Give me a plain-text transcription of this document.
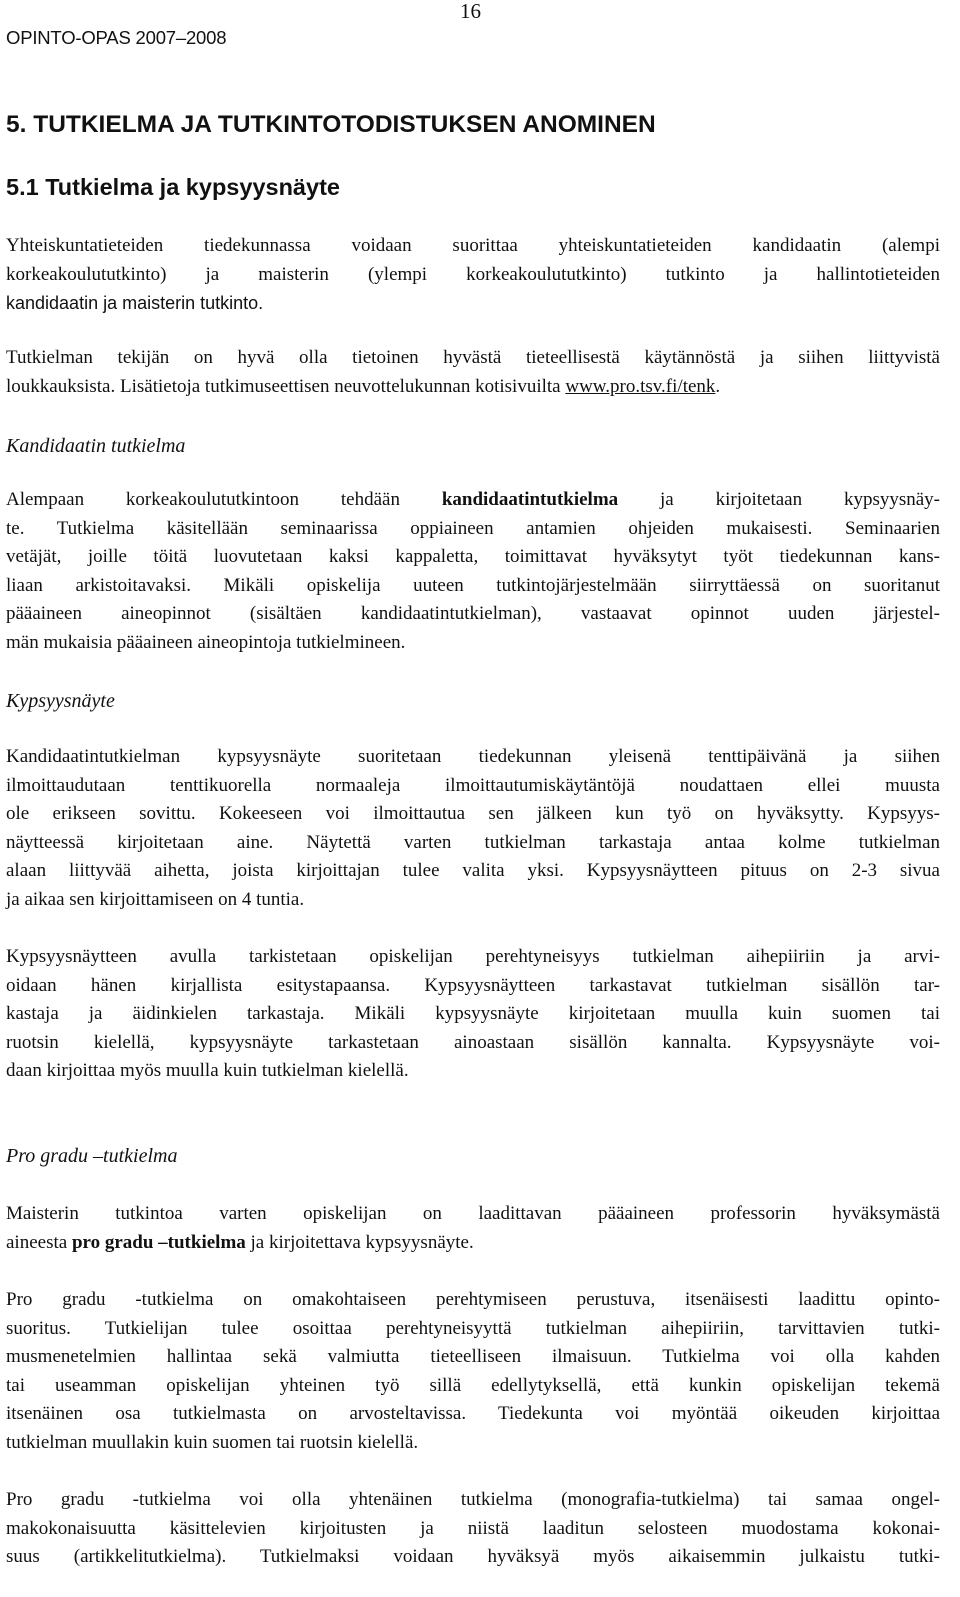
16
OPINTO-OPAS 2007–2008
5. TUTKIELMA JA TUTKINTOTODISTUKSEN ANOMINEN
5.1 Tutkielma ja kypsyysnäyte
Yhteiskuntatieteiden tiedekunnassa voidaan suorittaa yhteiskuntatieteiden kandidaatin (alempi
korkeakoulututkinto) ja maisterin (ylempi korkeakoulututkinto) tutkinto ja hallintotieteiden
kandidaatin ja maisterin tutkinto.
Tutkielman tekijän on hyvä olla tietoinen hyvästä tieteellisestä käytännöstä ja siihen liittyvistä
loukkauksista. Lisätietoja tutkimuseettisen neuvottelukunnan kotisivuilta www.pro.tsv.fi/tenk.
Kandidaatin tutkielma
Alempaan korkeakoulututkintoon tehdään kandidaatintutkielma ja kirjoitetaan kypsyysnäy-
te. Tutkielma käsitellään seminaarissa oppiaineen antamien ohjeiden mukaisesti. Seminaarien
vetäjät, joille töitä luovutetaan kaksi kappaletta, toimittavat hyväksytyt työt tiedekunnan kans-
liaan arkistoitavaksi. Mikäli opiskelija uuteen tutkintojärjestelmään siirryttäessä on suoritanut
pääaineen aineopinnot (sisältäen kandidaatintutkielman), vastaavat opinnot uuden järjestel-
män mukaisia pääaineen aineopintoja tutkielmineen.
Kypsyysnäyte
Kandidaatintutkielman kypsyysnäyte suoritetaan tiedekunnan yleisenä tenttipäivänä ja siihen
ilmoittaudutaan tenttikuorella normaaleja ilmoittautumiskäytäntöjä noudattaen ellei muusta
ole erikseen sovittu. Kokeeseen voi ilmoittautua sen jälkeen kun työ on hyväksytty. Kypsyys-
näytteessä kirjoitetaan aine. Näytettä varten tutkielman tarkastaja antaa kolme tutkielman
alaan liittyvää aihetta, joista kirjoittajan tulee valita yksi. Kypsyysnäytteen pituus on 2-3 sivua
ja aikaa sen kirjoittamiseen on 4 tuntia.
Kypsyysnäytteen avulla tarkistetaan opiskelijan perehtyneisyys tutkielman aihepiiriin ja arvi-
oidaan hänen kirjallista esitystapaansa. Kypsyysnäytteen tarkastavat tutkielman sisällön tar-
kastaja ja äidinkielen tarkastaja. Mikäli kypsyysnäyte kirjoitetaan muulla kuin suomen tai
ruotsin kielellä, kypsyysnäyte tarkastetaan ainoastaan sisällön kannalta. Kypsyysnäyte voi-
daan kirjoittaa myös muulla kuin tutkielman kielellä.
Pro gradu –tutkielma
Maisterin tutkintoa varten opiskelijan on laadittavan pääaineen professorin hyväksymästä
aineesta pro gradu –tutkielma ja kirjoitettava kypsyysnäyte.
Pro gradu -tutkielma on omakohtaiseen perehtymiseen perustuva, itsenäisesti laadittu opinto-
suoritus. Tutkielijan tulee osoittaa perehtyneisyyttä tutkielman aihepiiriin, tarvittavien tutki-
musmenetelmien hallintaa sekä valmiutta tieteelliseen ilmaisuun. Tutkielma voi olla kahden
tai useamman opiskelijan yhteinen työ sillä edellytyksellä, että kunkin opiskelijan tekemä
itsenäinen osa tutkielmasta on arvosteltavissa. Tiedekunta voi myöntää oikeuden kirjoittaa
tutkielman muullakin kuin suomen tai ruotsin kielellä.
Pro gradu -tutkielma voi olla yhtenäinen tutkielma (monografia-tutkielma) tai samaa ongel-
makokonaisuutta käsittelevien kirjoitusten ja niistä laaditun selosteen muodostama kokonai-
suus (artikkelitutkielma). Tutkielmaksi voidaan hyväksyä myös aikaisemmin julkaistu tutki-
